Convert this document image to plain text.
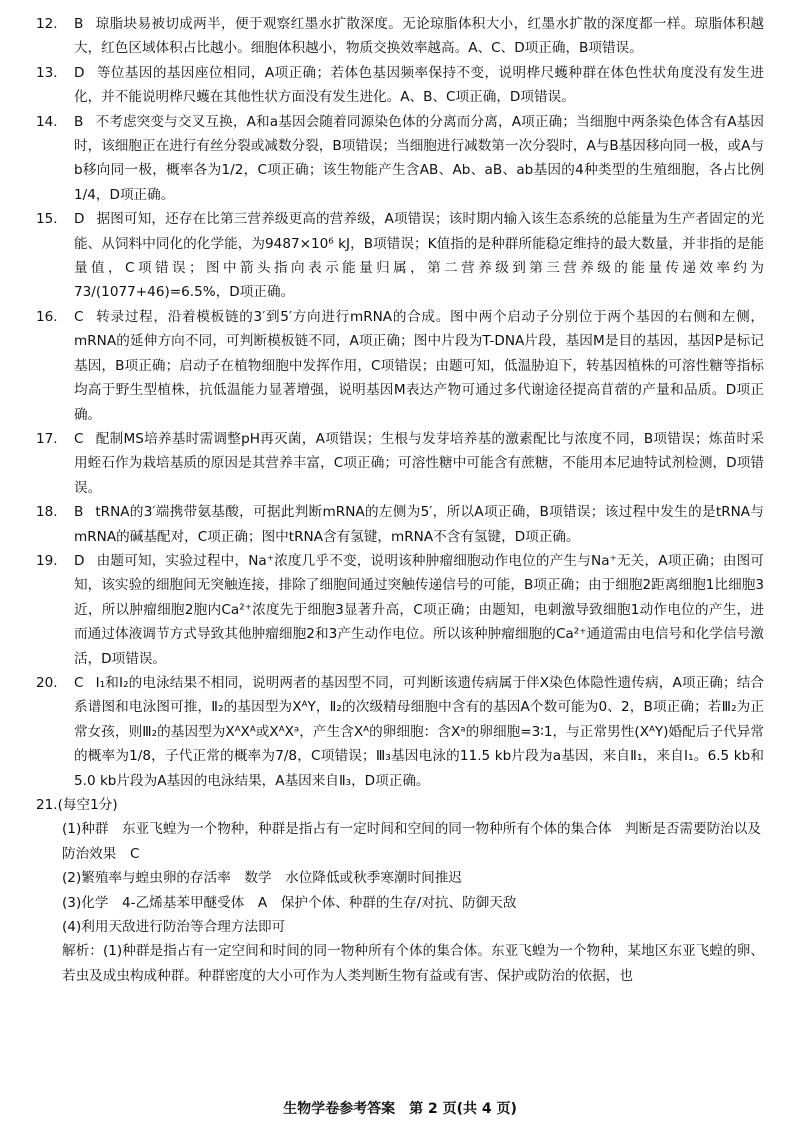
12.	B 琼脂块易被切成两半，便于观察红墨水扩散深度。无论琼脂体积大小，红墨水扩散的深度都一样。琼脂体积越大，红色区域体积占比越小。细胞体积越小，物质交换效率越高。A、C、D项正确，B项错误。
13.	D 等位基因的基因座位相同，A项正确；若体色基因频率保持不变，说明桦尺蠖种群在体色性状角度没有发生进化，并不能说明桦尺蠖在其他性状方面没有发生进化。A、B、C项正确，D项错误。
14.	B 不考虑突变与交叉互换，A和a基因会随着同源染色体的分离而分离，A项正确；当细胞中两条染色体含有A基因时，该细胞正在进行有丝分裂或减数分裂，B项错误；当细胞进行减数第一次分裂时，A与B基因移向同一极，或A与b移向同一极，概率各为1/2，C项正确；该生物能产生含AB、Ab、aB、ab基因的4种类型的生殖细胞，各占比例1/4，D项正确。
15.	D 据图可知，还存在比第三营养级更高的营养级，A项错误；该时期内输入该生态系统的总能量为生产者固定的光能、从饲料中同化的化学能，为9487×10⁶ kJ，B项错误；K值指的是种群所能稳定维持的最大数量，并非指的是能量值，C项错误；图中箭头指向表示能量归属，第二营养级到第三营养级的能量传递效率约为73/(1077+46)=6.5%，D项正确。
16.	C 转录过程，沿着模板链的3′到5′方向进行mRNA的合成。图中两个启动子分别位于两个基因的右侧和左侧，mRNA的延伸方向不同，可判断模板链不同，A项正确；图中片段为T-DNA片段，基因M是目的基因，基因P是标记基因，B项正确；启动子在植物细胞中发挥作用，C项错误；由题可知，低温胁迫下，转基因植株的可溶性糖等指标均高于野生型植株，抗低温能力显著增强，说明基因M表达产物可通过多代谢途径提高苜蓿的产量和品质。D项正确。
17.	C 配制MS培养基时需调整pH再灭菌，A项错误；生根与发芽培养基的激素配比与浓度不同，B项错误；炼苗时采用蛭石作为栽培基质的原因是其营养丰富，C项正确；可溶性糖中可能含有蔗糖，不能用本尼迪特试剂检测，D项错误。
18.	B tRNA的3′端携带氨基酸，可据此判断mRNA的左侧为5′，所以A项正确，B项错误；该过程中发生的是tRNA与mRNA的碱基配对，C项正确；图中tRNA含有氢键，mRNA不含有氢键，D项正确。
19.	D 由题可知，实验过程中，Na⁺浓度几乎不变，说明该种肿瘤细胞动作电位的产生与Na⁺无关，A项正确；由图可知，该实验的细胞间无突触连接，排除了细胞间通过突触传递信号的可能，B项正确；由于细胞2距离细胞1比细胞3近，所以肿瘤细胞2胞内Ca²⁺浓度先于细胞3显著升高，C项正确；由题知，电刺激导致细胞1动作电位的产生，进而通过体液调节方式导致其他肿瘤细胞2和3产生动作电位。所以该种肿瘤细胞的Ca²⁺通道需由电信号和化学信号激活，D项错误。
20.	C Ⅰ₁和Ⅰ₂的电泳结果不相同，说明两者的基因型不同，可判断该遗传病属于伴X染色体隐性遗传病，A项正确；结合系谱图和电泳图可推，Ⅱ₂的基因型为XᴬY，Ⅱ₂的次级精母细胞中含有的基因A个数可能为0、2，B项正确；若Ⅲ₂为正常女孩，则Ⅲ₂的基因型为XᴬXᴬ或XᴬXᵃ，产生含Xᴬ的卵细胞：含Xᵃ的卵细胞=3∶1，与正常男性(XᴬY)婚配后子代异常的概率为1/8，子代正常的概率为7/8，C项错误；Ⅲ₃基因电泳的11.5 kb片段为a基因，来自Ⅱ₁，来自Ⅰ₁。6.5 kb和5.0 kb片段为A基因的电泳结果，A基因来自Ⅱ₃，D项正确。

21.(每空1分)

(1)种群　东亚飞蝗为一个物种，种群是指占有一定时间和空间的同一物种所有个体的集合体　判断是否需要防治以及防治效果　C

(2)繁殖率与蝗虫卵的存活率　数学　水位降低或秋季寒潮时间推迟

(3)化学　4-乙烯基苯甲醚受体　A　保护个体、种群的生存/对抗、防御天敌

(4)利用天敌进行防治等合理方法即可

解析：(1)种群是指占有一定空间和时间的同一物种所有个体的集合体。东亚飞蝗为一个物种，某地区东亚飞蝗的卵、若虫及成虫构成种群。种群密度的大小可作为人类判断生物有益或有害、保护或防治的依据，也

生物学卷参考答案　第 2 页(共 4 页)
